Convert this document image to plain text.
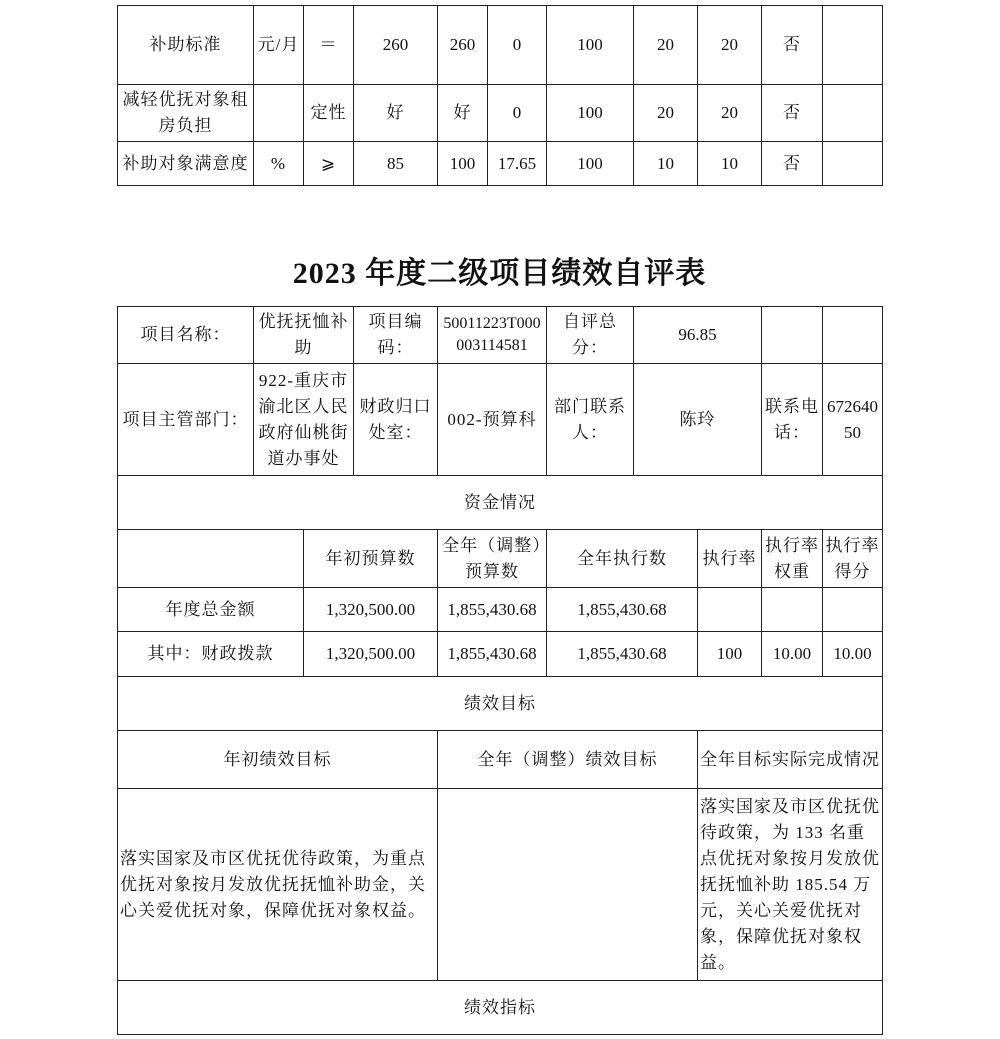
补助标准	元/月	＝	260	260	0	100	20	20	否	
减轻优抚对象租房负担		定性	好	好	0	100	20	20	否	
补助对象满意度	%	⩾	85	100	17.65	100	10	10	否	
2023 年度二级项目绩效自评表
项目名称：	优抚抚恤补助		项目编码：	50011223T000003114581	自评总分：	96.85			
项目主管部门：	922-重庆市渝北区人民政府仙桃街道办事处		财政归口处室：	002-预算科	部门联系人：	陈玲		联系电话：	67264050
资金情况									
		年初预算数		全年（调整）预算数	全年执行数		执行率	执行率权重	执行率得分
年度总金额		1,320,500.00		1,855,430.68	1,855,430.68				
其中：财政拨款		1,320,500.00		1,855,430.68	1,855,430.68		100	10.00	10.00
绩效目标									
年初绩效目标				全年（调整）绩效目标			全年目标实际完成情况		
落实国家及市区优抚优待政策，为重点优抚对象按月发放优抚抚恤补助金，关心关爱优抚对象，保障优抚对象权益。							落实国家及市区优抚优待政策，为 133 名重点优抚对象按月发放优抚抚恤补助 185.54 万元，关心关爱优抚对象，保障优抚对象权益。		
绩效指标									
